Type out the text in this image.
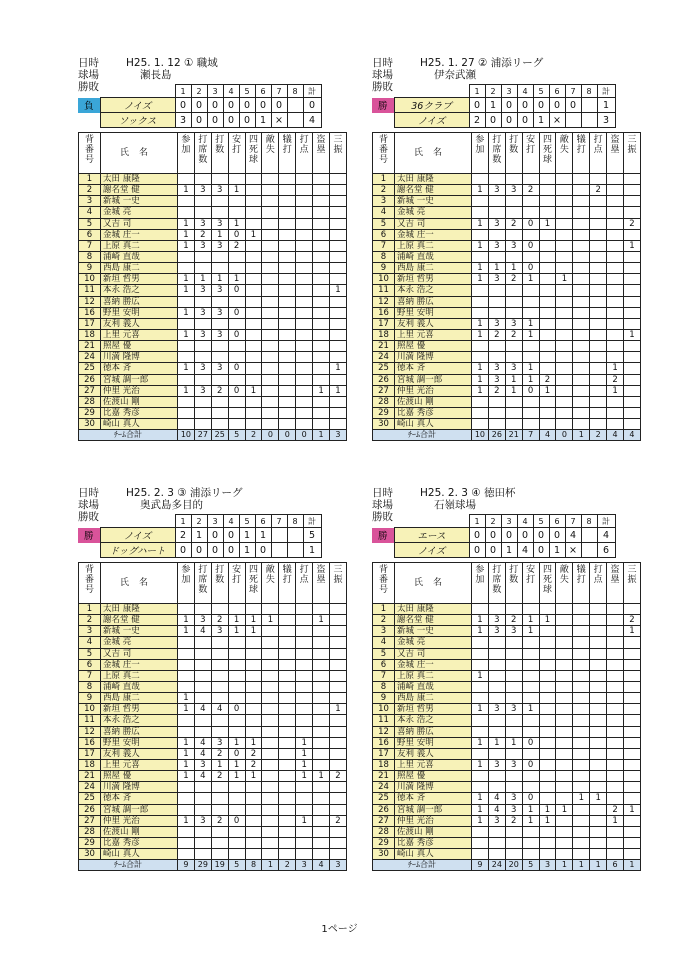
日時	H25. 1. 12 ① 職域
球場	瀬長島
勝敗
			1	2	3	4	5	6	7	8	計
負	ノイズ	0	0	0	0	0	0	0		0
	ソックス	3	0	0	0	0	1	×		4
背番号	氏名	参加	打席数	打数	安打	四死球	敵失	犠打	打点	盗塁	三振
1	太田 康隆										
2	謝名堂 健	1	3	3	1						
3	新城 一史										
4	金城 亮										
5	又吉 司	1	3	3	1						
6	金城 庄一	1	2	1	0	1					
7	上原 真二	1	3	3	2						
8	浦崎 直哉										
9	西島 康二										
10	新垣 哲男	1	1	1	1						
11	本永 浩之	1	3	3	0						1
12	喜納 勝広										
16	野里 安明	1	3	3	0						
17	友利 義人										
18	上里 元喜	1	3	3	0						
21	照屋 優										
24	川満 隆博										
25	徳本 斉	1	3	3	0						1
26	宮城 調一郎										
27	仲里 光治	1	3	2	0	1				1	1
28	佐渡山 剛										
29	比嘉 秀彦										
30	崎山 真人										
ﾁｰﾑ合計		10	27	25	5	2	0	0	0	1	3
日時	H25. 1. 27 ② 浦添リーグ
球場	伊奈武瀬
勝敗
			1	2	3	4	5	6	7	8	計
勝	36クラブ	0	1	0	0	0	0	0		1
	ノイズ	2	0	0	0	1	×			3
背番号	氏名	参加	打席数	打数	安打	四死球	敵失	犠打	打点	盗塁	三振
1	太田 康隆										
2	謝名堂 健	1	3	3	2				2		
3	新城 一史										
4	金城 亮										
5	又吉 司	1	3	2	0	1					2
6	金城 庄一										
7	上原 真二	1	3	3	0						1
8	浦崎 直哉										
9	西島 康二	1	1	1	0						
10	新垣 哲男	1	3	2	1		1				
11	本永 浩之										
12	喜納 勝広										
16	野里 安明										
17	友利 義人	1	3	3	1						
18	上里 元喜	1	2	2	1						1
21	照屋 優										
24	川満 隆博										
25	徳本 斉	1	3	3	1					1	
26	宮城 調一郎	1	3	1	1	2				2	
27	仲里 光治	1	2	1	0	1				1	
28	佐渡山 剛										
29	比嘉 秀彦										
30	崎山 真人										
ﾁｰﾑ合計		10	26	21	7	4	0	1	2	4	4
日時	H25. 2. 3 ③ 浦添リーグ
球場	奥武島多目的
勝敗
			1	2	3	4	5	6	7	8	計
勝	ノイズ	2	1	0	0	1	1			5
	ドッグハート	0	0	0	0	1	0			1
背番号	氏名	参加	打席数	打数	安打	四死球	敵失	犠打	打点	盗塁	三振
1	太田 康隆										
2	謝名堂 健	1	3	2	1	1	1			1	
3	新城 一史	1	4	3	1	1					
4	金城 亮										
5	又吉 司										
6	金城 庄一										
7	上原 真二										
8	浦崎 直哉										
9	西島 康二	1									
10	新垣 哲男	1	4	4	0						1
11	本永 浩之										
12	喜納 勝広										
16	野里 安明	1	4	3	1	1			1		
17	友利 義人	1	4	2	0	2			1		
18	上里 元喜	1	3	1	1	2			1		
21	照屋 優	1	4	2	1	1			1	1	2
24	川満 隆博										
25	徳本 斉										
26	宮城 調一郎										
27	仲里 光治	1	3	2	0				1		2
28	佐渡山 剛										
29	比嘉 秀彦										
30	崎山 真人										
ﾁｰﾑ合計		9	29	19	5	8	1	2	3	4	3
日時	H25. 2. 3 ④ 徳田杯
球場	石嶺球場
勝敗
			1	2	3	4	5	6	7	8	計
勝	エース	0	0	0	0	0	0	4		4
	ノイズ	0	0	1	4	0	1	×		6
背番号	氏名	参加	打席数	打数	安打	四死球	敵失	犠打	打点	盗塁	三振
1	太田 康隆										
2	謝名堂 健	1	3	2	1	1					2
3	新城 一史	1	3	3	1						1
4	金城 亮										
5	又吉 司										
6	金城 庄一										
7	上原 真二	1									
8	浦崎 直哉										
9	西島 康二										
10	新垣 哲男	1	3	3	1						
11	本永 浩之										
12	喜納 勝広										
16	野里 安明	1	1	1	0						
17	友利 義人										
18	上里 元喜	1	3	3	0						
21	照屋 優										
24	川満 隆博										
25	徳本 斉	1	4	3	0			1	1		
26	宮城 調一郎	1	4	3	1	1	1			2	1
27	仲里 光治	1	3	2	1	1				1	
28	佐渡山 剛										
29	比嘉 秀彦										
30	崎山 真人										
ﾁｰﾑ合計		9	24	20	5	3	1	1	1	6	1
1ページ
